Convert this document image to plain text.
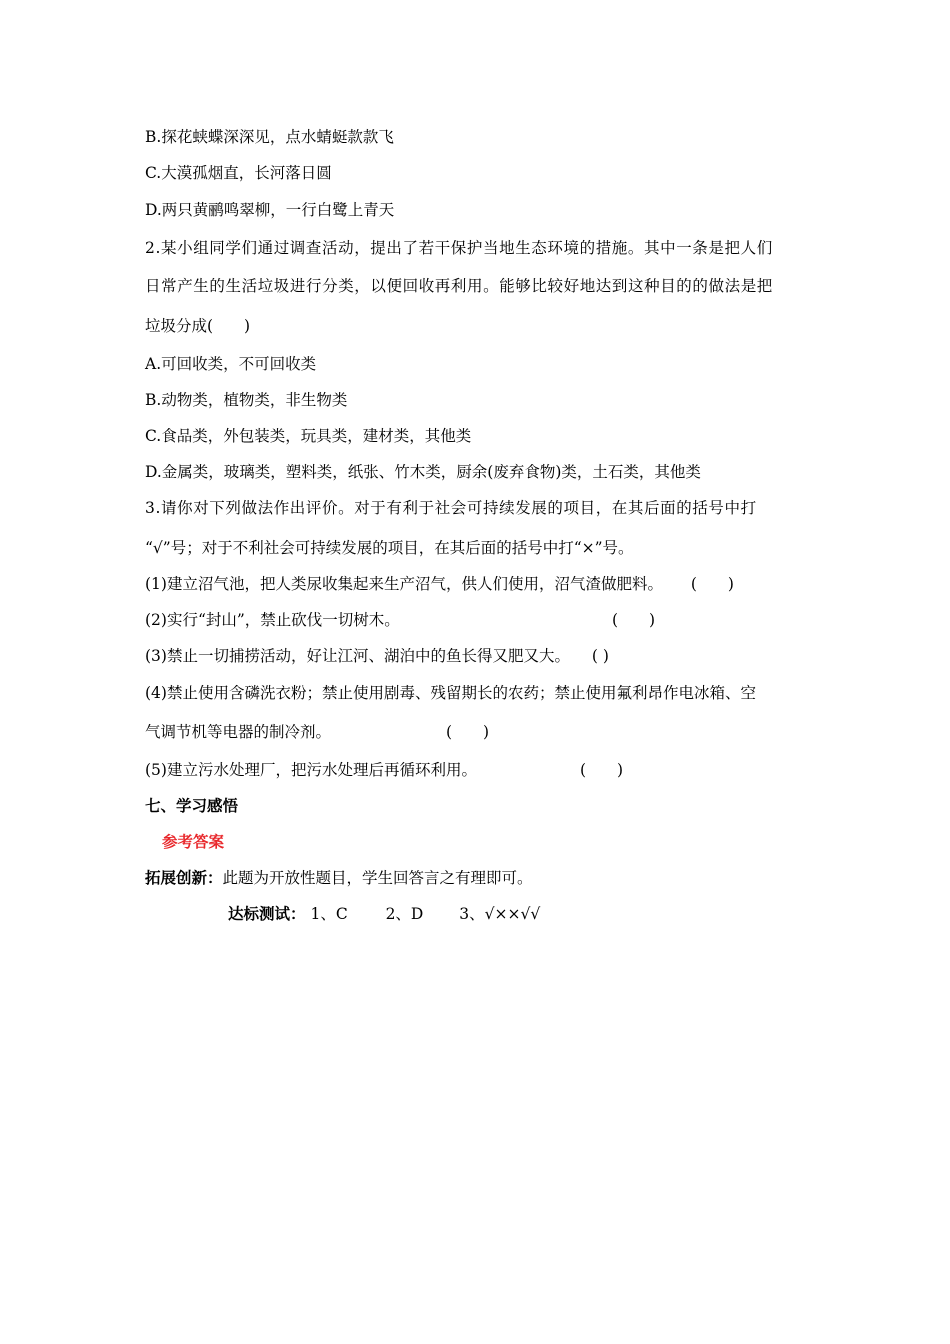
B.探花蛱蝶深深见，点水蜻蜓款款飞
C.大漠孤烟直，长河落日圆
D.两只黄鹂鸣翠柳，一行白鹭上青天
2.某小组同学们通过调查活动，提出了若干保护当地生态环境的措施。其中一条是把人们
日常产生的生活垃圾进行分类，以便回收再利用。能够比较好地达到这种目的的做法是把
垃圾分成(　　)
A.可回收类，不可回收类
B.动物类，植物类，非生物类
C.食品类，外包装类，玩具类，建材类，其他类
D.金属类，玻璃类，塑料类，纸张、竹木类，厨余(废弃食物)类，土石类，其他类
3.请你对下列做法作出评价。对于有利于社会可持续发展的项目，在其后面的括号中打
“√”号；对于不利社会可持续发展的项目，在其后面的括号中打“×”号。
(1)建立沼气池，把人类尿收集起来生产沼气，供人们使用，沼气渣做肥料。 (　　)
(2)实行“封山”，禁止砍伐一切树木。	(　　)
(3)禁止一切捕捞活动，好让江河、湖泊中的鱼长得又肥又大。 ( )
(4)禁止使用含磷洗衣粉；禁止使用剧毒、残留期长的农药；禁止使用氟利昂作电冰箱、空
气调节机等电器的制冷剂。	(　　)
(5)建立污水处理厂，把污水处理后再循环利用。	(　　)
七、学习感悟
参考答案
拓展创新：此题为开放性题目，学生回答言之有理即可。
达标测试： 1、C 2、D 3、√××√√
